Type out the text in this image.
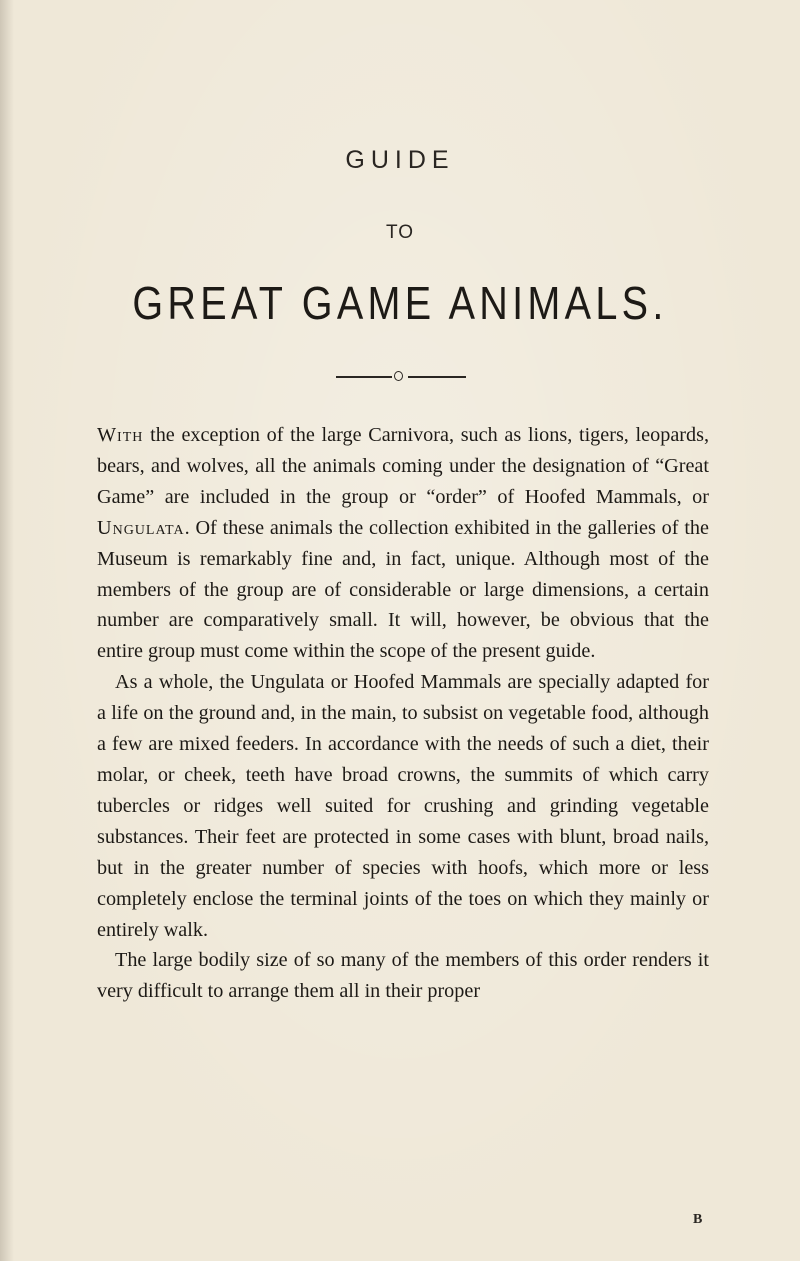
GUIDE
TO
GREAT GAME ANIMALS.

With the exception of the large Carnivora, such as lions, tigers, leopards, bears, and wolves, all the animals coming under the designation of “Great Game” are included in the group or “order” of Hoofed Mammals, or Ungulata. Of these animals the collection exhibited in the galleries of the Museum is remarkably fine and, in fact, unique. Although most of the members of the group are of considerable or large dimensions, a certain number are comparatively small. It will, however, be obvious that the entire group must come within the scope of the present guide.

As a whole, the Ungulata or Hoofed Mammals are specially adapted for a life on the ground and, in the main, to subsist on vegetable food, although a few are mixed feeders. In accordance with the needs of such a diet, their molar, or cheek, teeth have broad crowns, the summits of which carry tubercles or ridges well suited for crushing and grinding vegetable substances. Their feet are protected in some cases with blunt, broad nails, but in the greater number of species with hoofs, which more or less completely enclose the terminal joints of the toes on which they mainly or entirely walk.

The large bodily size of so many of the members of this order renders it very difficult to arrange them all in their proper

B
